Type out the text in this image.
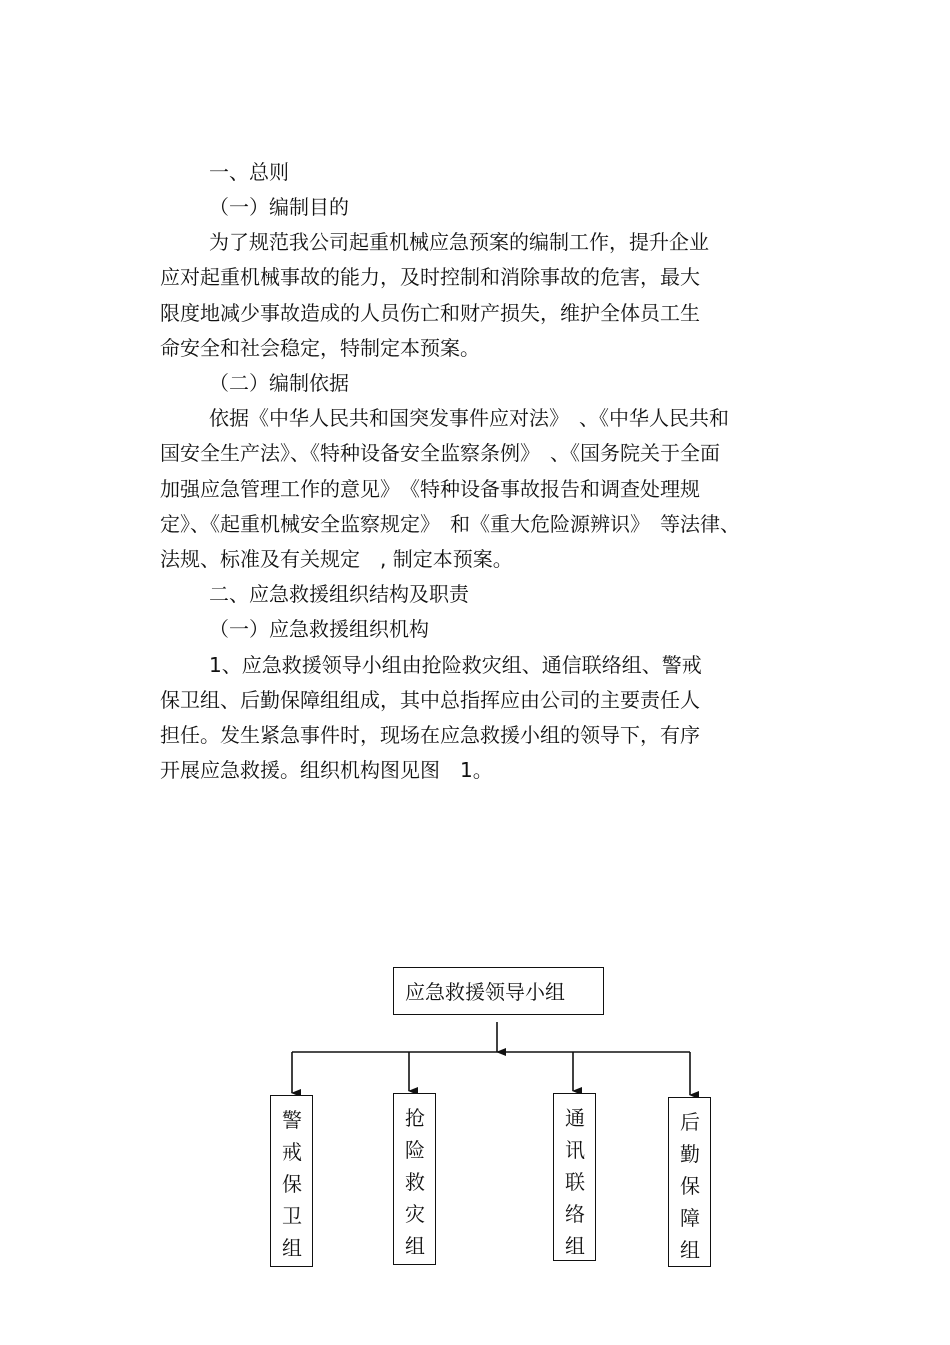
一、总则
（一）编制目的
为了规范我公司起重机械应急预案的编制工作，提升企业
应对起重机械事故的能力，及时控制和消除事故的危害，最大
限度地减少事故造成的人员伤亡和财产损失，维护全体员工生
命安全和社会稳定，特制定本预案。
（二）编制依据
依据《中华人民共和国突发事件应对法》　、《中华人民共和
国安全生产法》、《特种设备安全监察条例》　、《国务院关于全面
加强应急管理工作的意见》　《特种设备事故报告和调查处理规
定》、《起重机械安全监察规定》　和《重大危险源辨识》　等法律、
法规、标准及有关规定　, 制定本预案。
二、应急救援组织结构及职责
（一）应急救援组织机构
1、应急救援领导小组由抢险救灾组、通信联络组、警戒
保卫组、后勤保障组组成，其中总指挥应由公司的主要责任人
担任。发生紧急事件时，现场在应急救援小组的领导下，有序
开展应急救援。组织机构图见图　1。
应急救援领导小组
警戒保卫组
抢险救灾组
通讯联络组
后勤保障组
